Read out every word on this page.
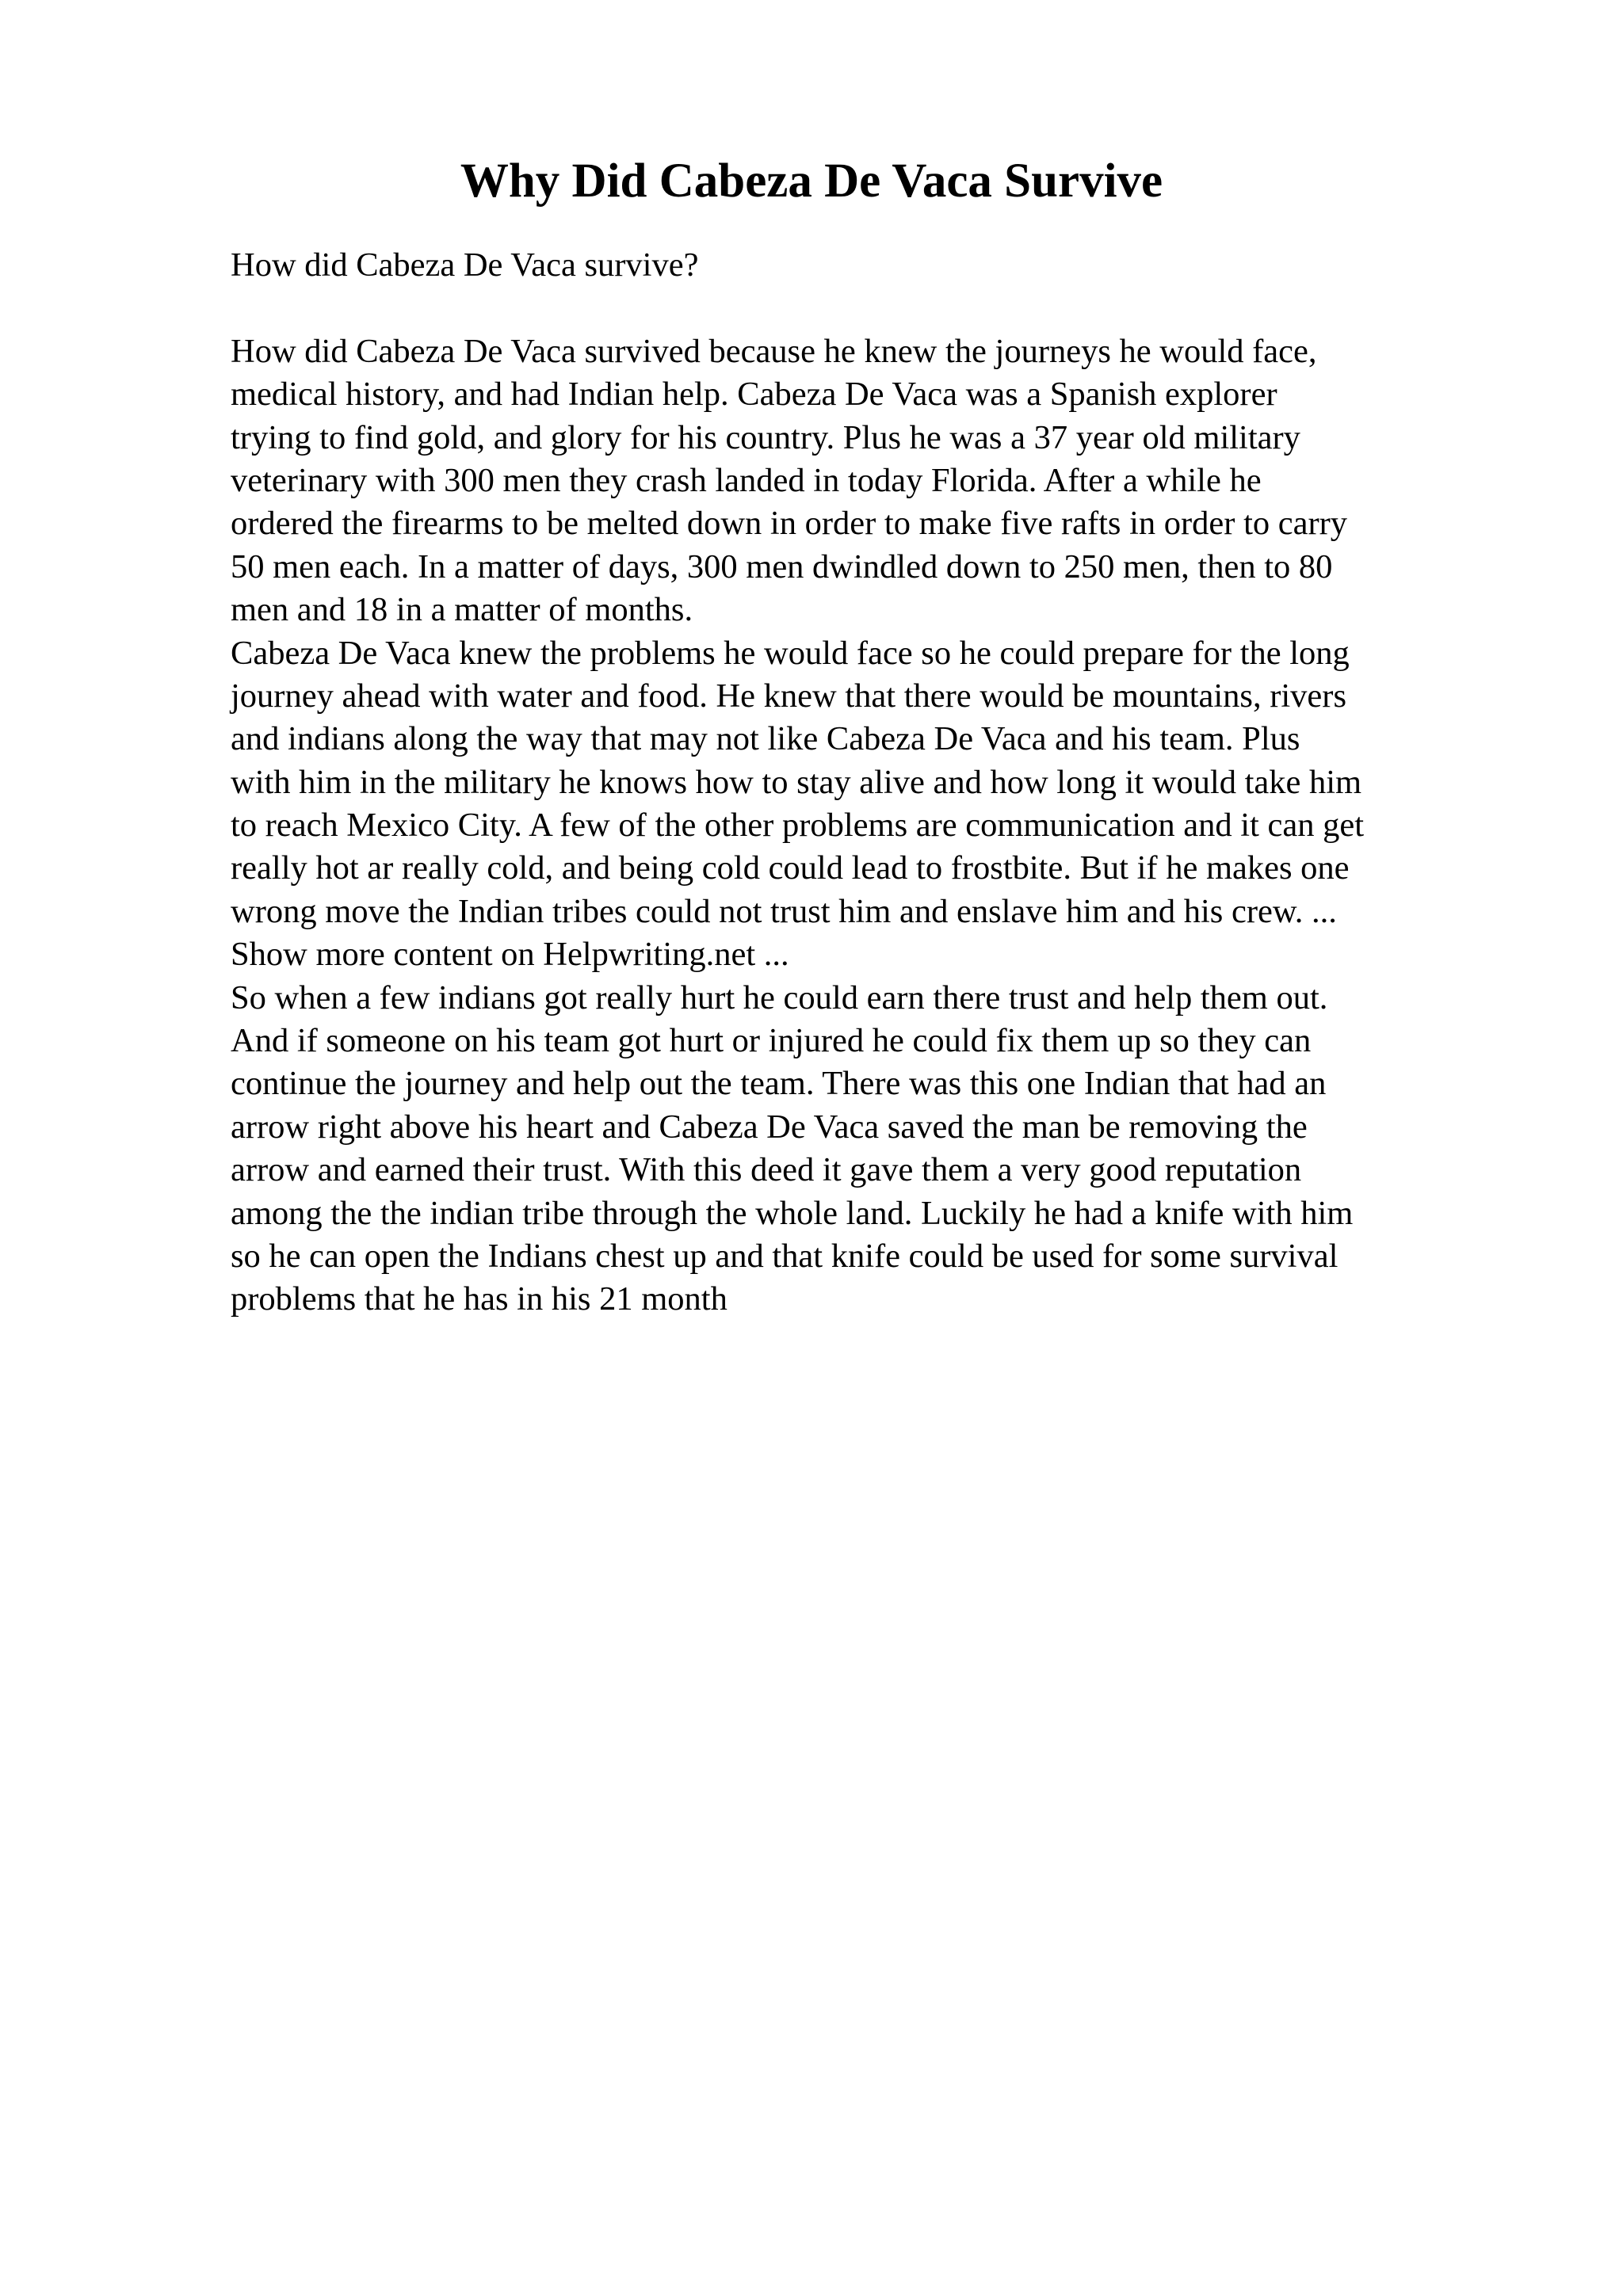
Why Did Cabeza De Vaca Survive
How did Cabeza De Vaca survive?
How did Cabeza De Vaca survived because he knew the journeys he would face,
medical history, and had Indian help. Cabeza De Vaca was a Spanish explorer
trying to find gold, and glory for his country. Plus he was a 37 year old military
veterinary with 300 men they crash landed in today Florida. After a while he
ordered the firearms to be melted down in order to make five rafts in order to carry
50 men each. In a matter of days, 300 men dwindled down to 250 men, then to 80
men and 18 in a matter of months.
Cabeza De Vaca knew the problems he would face so he could prepare for the long
journey ahead with water and food. He knew that there would be mountains, rivers
and indians along the way that may not like Cabeza De Vaca and his team. Plus
with him in the military he knows how to stay alive and how long it would take him
to reach Mexico City. A few of the other problems are communication and it can get
really hot ar really cold, and being cold could lead to frostbite. But if he makes one
wrong move the Indian tribes could not trust him and enslave him and his crew. ...
Show more content on Helpwriting.net ...
So when a few indians got really hurt he could earn there trust and help them out.
And if someone on his team got hurt or injured he could fix them up so they can
continue the journey and help out the team. There was this one Indian that had an
arrow right above his heart and Cabeza De Vaca saved the man be removing the
arrow and earned their trust. With this deed it gave them a very good reputation
among the the indian tribe through the whole land. Luckily he had a knife with him
so he can open the Indians chest up and that knife could be used for some survival
problems that he has in his 21 month
